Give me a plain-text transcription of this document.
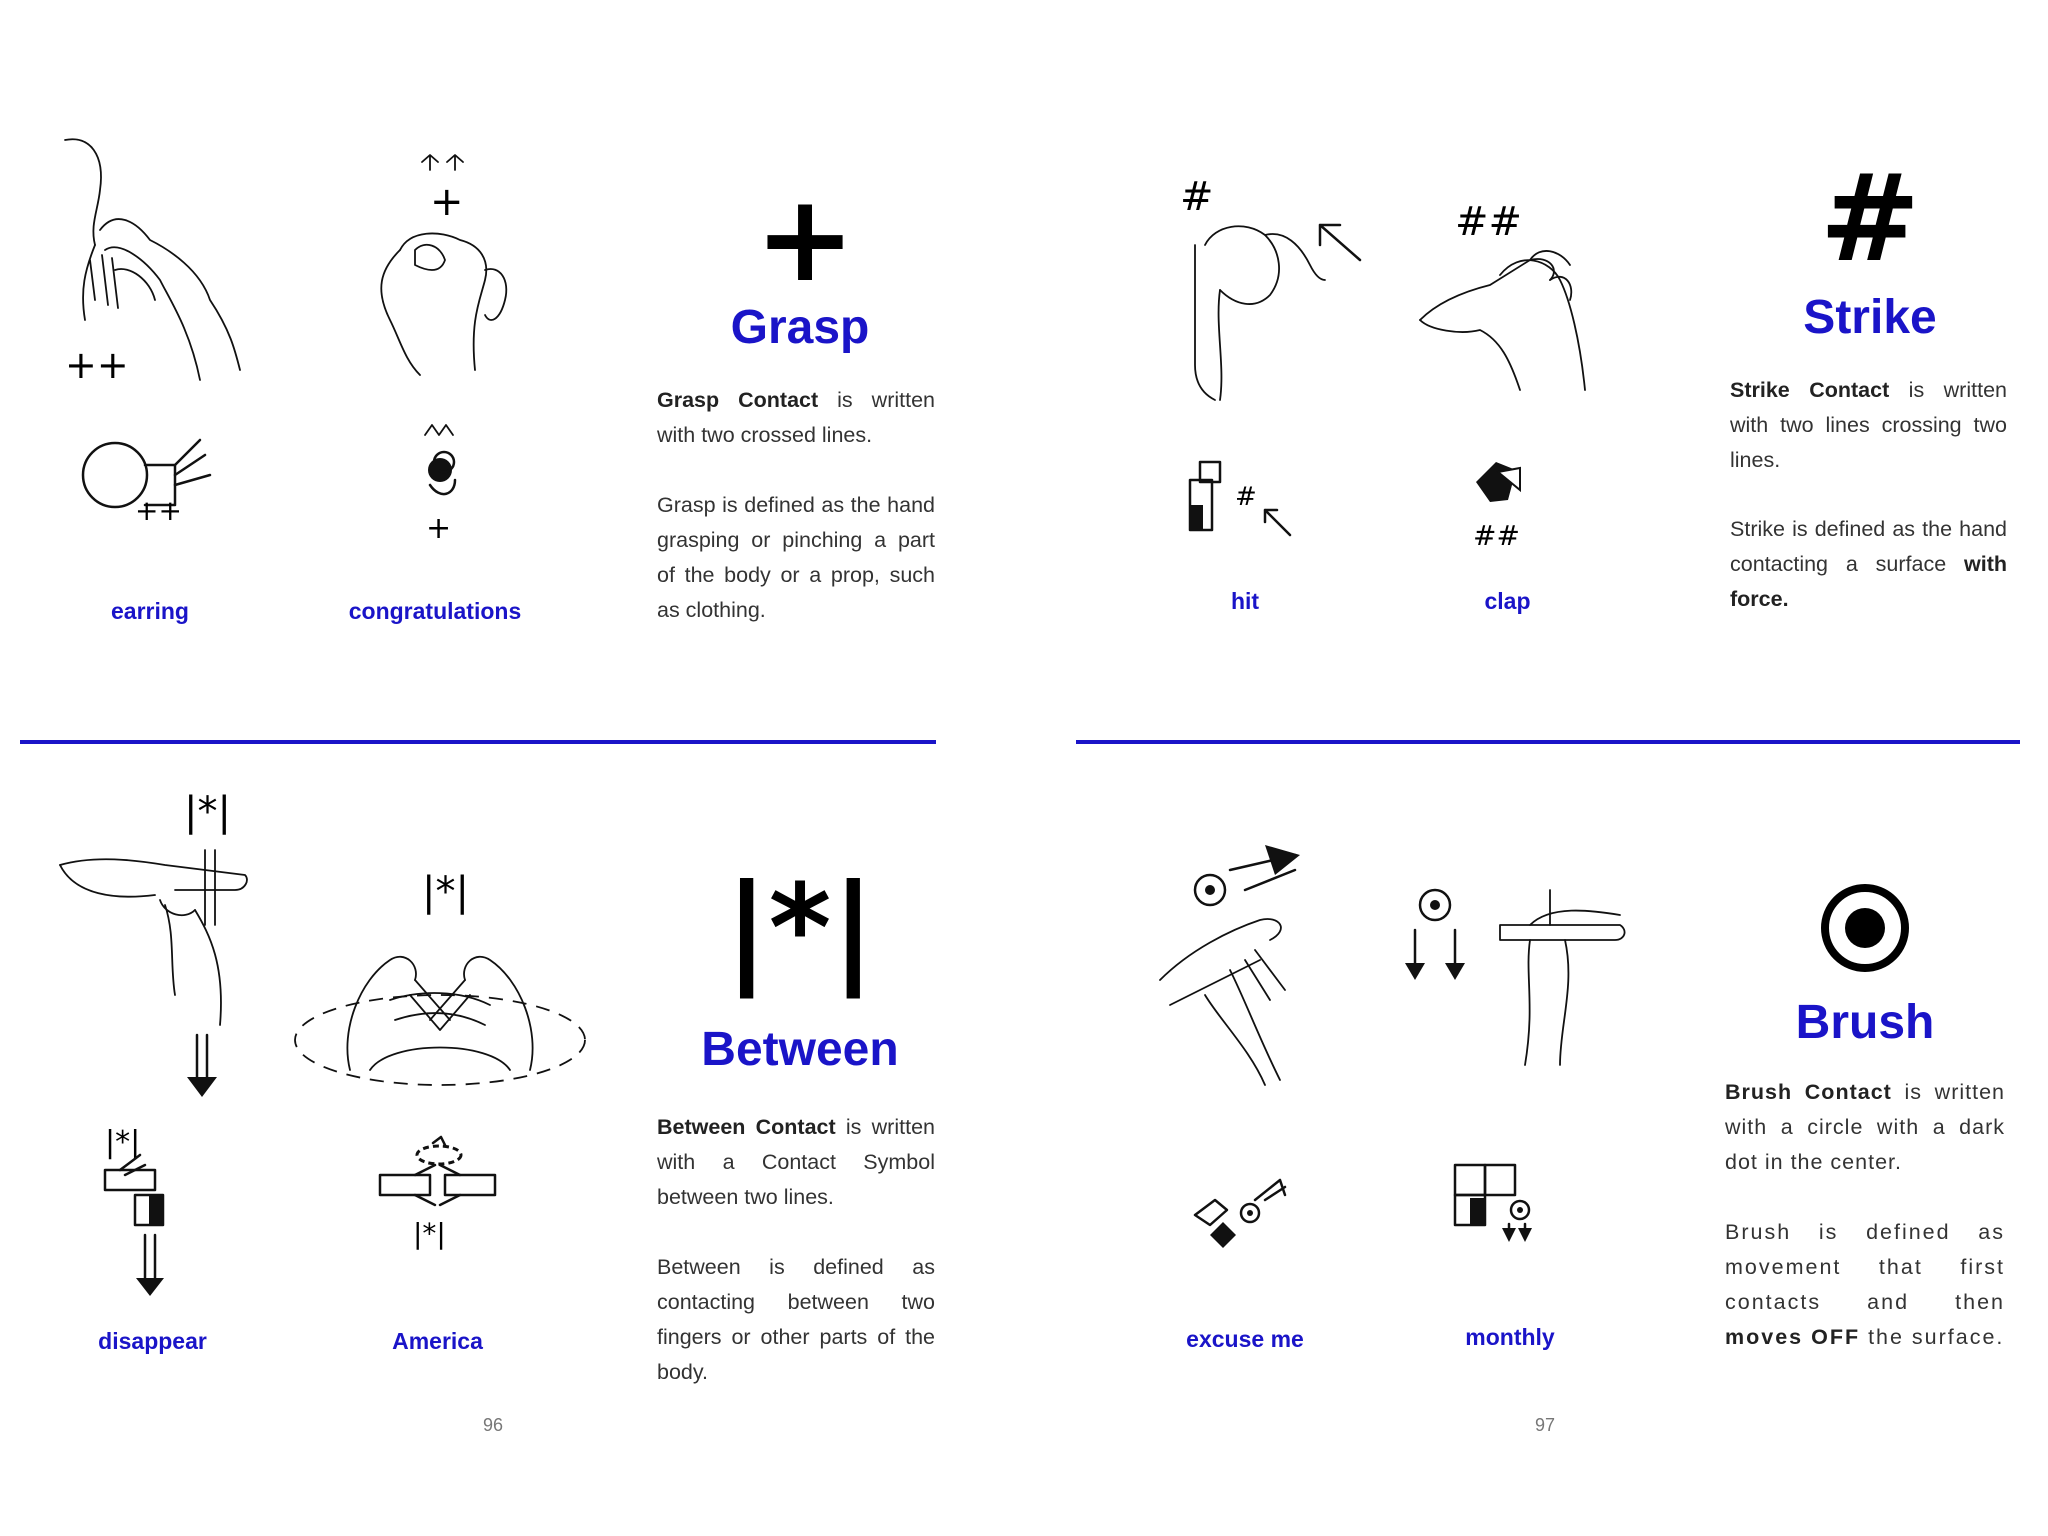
++
++
earring
+
+
congratulations
+
Grasp
Grasp Contact is written with two crossed lines.
Grasp is defined as the hand grasping or pinching a part of the body or a prop, such as clothing.
#
#
hit
##
##
clap
#
Strike
Strike Contact is written with two lines crossing two lines.
Strike is defined as the hand contacting a surface with force.
|*|
|*|
disappear
|*|
|*|
America
|*|
Between
Between Contact is written with a Contact Symbol between two lines.
Between is defined as contacting between two fingers or other parts of the body.
excuse me	monthly
Brush
Brush Contact is written with a circle with a dark dot in the center.
Brush is defined as movement that first contacts and then moves OFF the surface.
96	97
